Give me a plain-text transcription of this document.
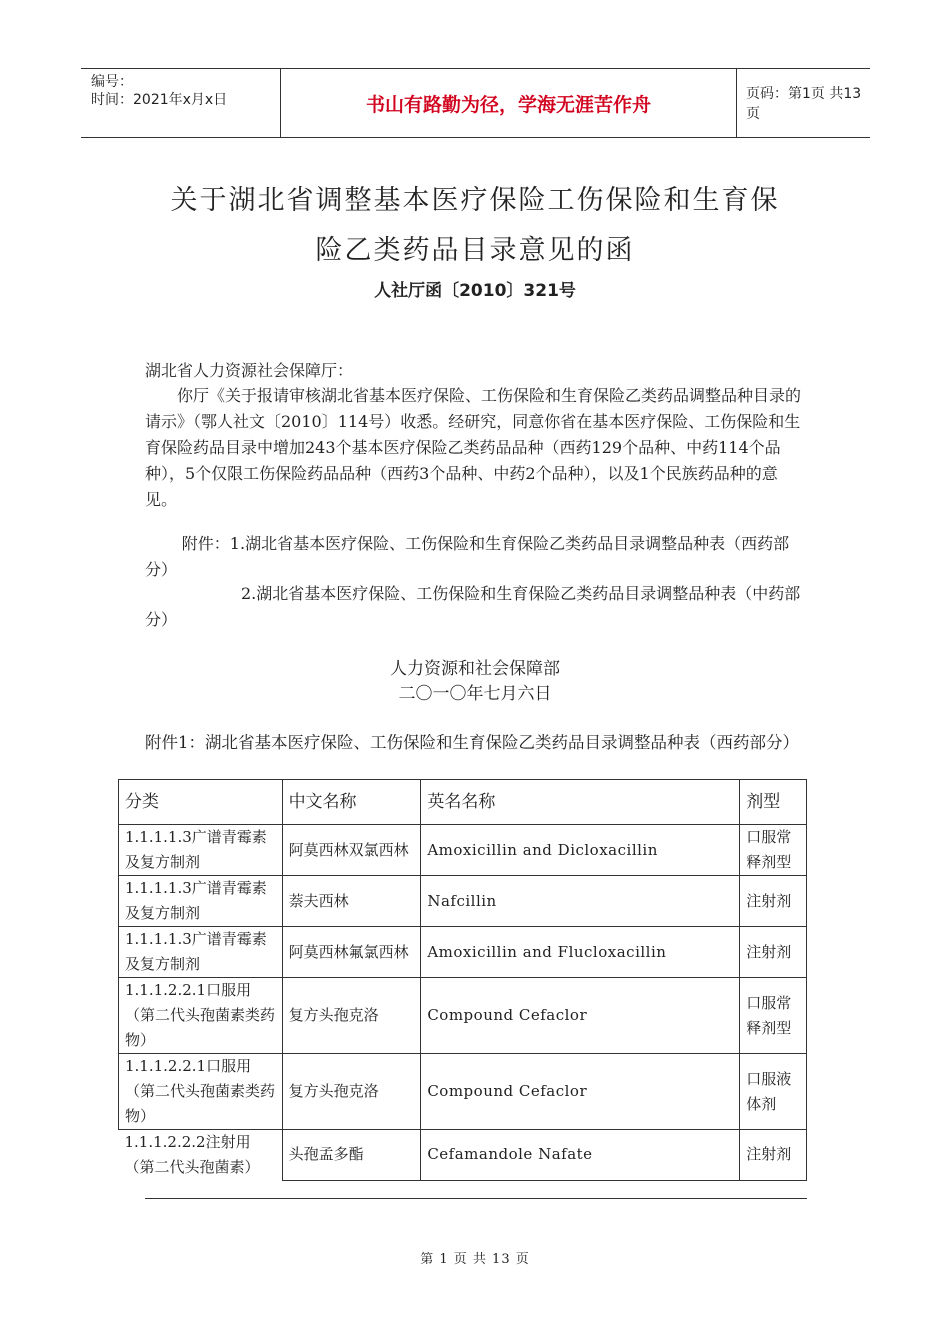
编号：
时间：2021年x月x日	书山有路勤为径，学海无涯苦作舟	页码：第1页 共13页
关于湖北省调整基本医疗保险工伤保险和生育保
险乙类药品目录意见的函
人社厅函〔2010〕321号
湖北省人力资源社会保障厅：
你厅《关于报请审核湖北省基本医疗保险、工伤保险和生育保险乙类药品调整品种目录的请示》（鄂人社文〔2010〕114号）收悉。经研究，同意你省在基本医疗保险、工伤保险和生育保险药品目录中增加243个基本医疗保险乙类药品品种（西药129个品种、中药114个品种），5个仅限工伤保险药品品种（西药3个品种、中药2个品种），以及1个民族药品种的意见。
附件：1.湖北省基本医疗保险、工伤保险和生育保险乙类药品目录调整品种表（西药部分）
2.湖北省基本医疗保险、工伤保险和生育保险乙类药品目录调整品种表（中药部分）
人力资源和社会保障部
二〇一〇年七月六日
附件1：湖北省基本医疗保险、工伤保险和生育保险乙类药品目录调整品种表（西药部分）
分类	中文名称	英名名称	剂型
1.1.1.1.3广谱青霉素及复方制剂	阿莫西林双氯西林	Amoxicillin and Dicloxacillin	口服常释剂型
1.1.1.1.3广谱青霉素及复方制剂	萘夫西林	Nafcillin	注射剂
1.1.1.1.3广谱青霉素及复方制剂	阿莫西林氟氯西林	Amoxicillin and Flucloxacillin	注射剂
1.1.1.2.2.1口服用（第二代头孢菌素类药物）	复方头孢克洛	Compound Cefaclor	口服常释剂型
1.1.1.2.2.1口服用（第二代头孢菌素类药物）	复方头孢克洛	Compound Cefaclor	口服液体剂
1.1.1.2.2.2注射用（第二代头孢菌素）	头孢孟多酯	Cefamandole Nafate	注射剂
第 1 页 共 13 页
